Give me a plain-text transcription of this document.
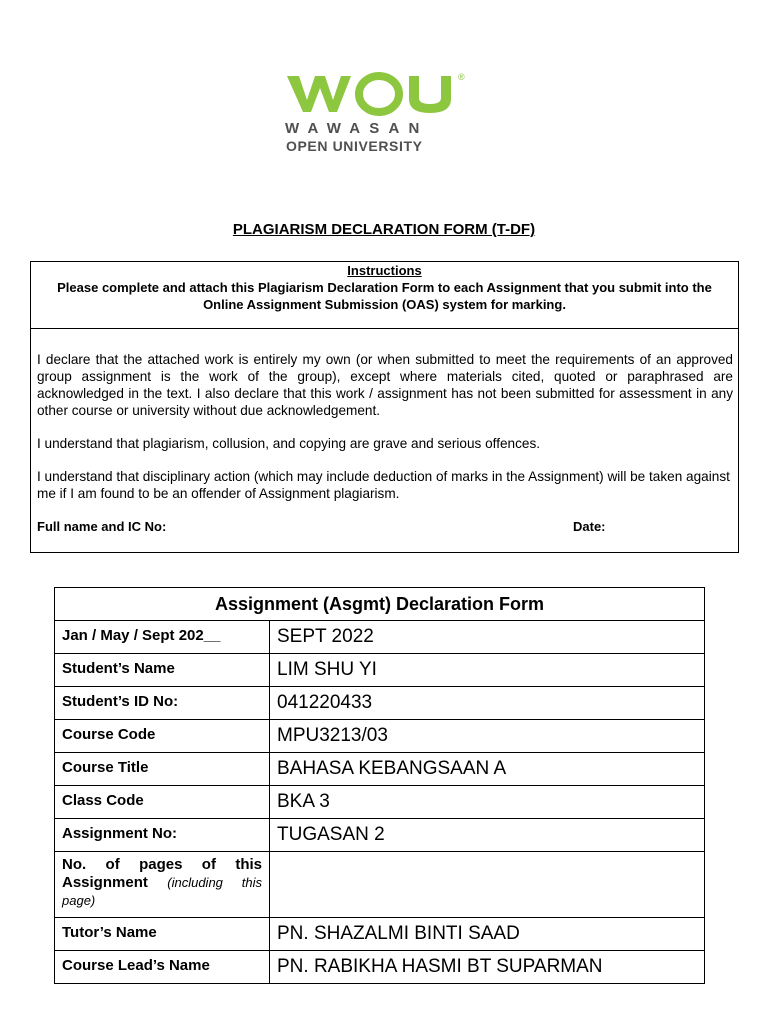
®
WAWASAN
OPEN UNIVERSITY
PLAGIARISM DECLARATION FORM (T-DF)
Instructions
Please complete and attach this Plagiarism Declaration Form to each Assignment that you submit into the Online Assignment Submission (OAS) system for marking.

I declare that the attached work is entirely my own (or when submitted to meet the requirements of an approved group assignment is the work of the group), except where materials cited, quoted or paraphrased are acknowledged in the text. I also declare that this work / assignment has not been submitted for assessment in any other course or university without due acknowledgement.

I understand that plagiarism, collusion, and copying are grave and serious offences.

I understand that disciplinary action (which may include deduction of marks in the Assignment) will be taken against me if I am found to be an offender of Assignment plagiarism.

Full name and IC No:	Date:
Assignment (Asgmt) Declaration Form	
Jan / May / Sept 202__	SEPT 2022
Student’s Name	LIM SHU YI
Student’s ID No:	041220433
Course Code	MPU3213/03
Course Title	BAHASA KEBANGSAAN A
Class Code	BKA 3
Assignment No:	TUGASAN 2
No. of pages of this Assignment (including this page)	
Tutor’s Name	PN. SHAZALMI BINTI SAAD
Course Lead’s Name	PN. RABIKHA HASMI BT SUPARMAN
